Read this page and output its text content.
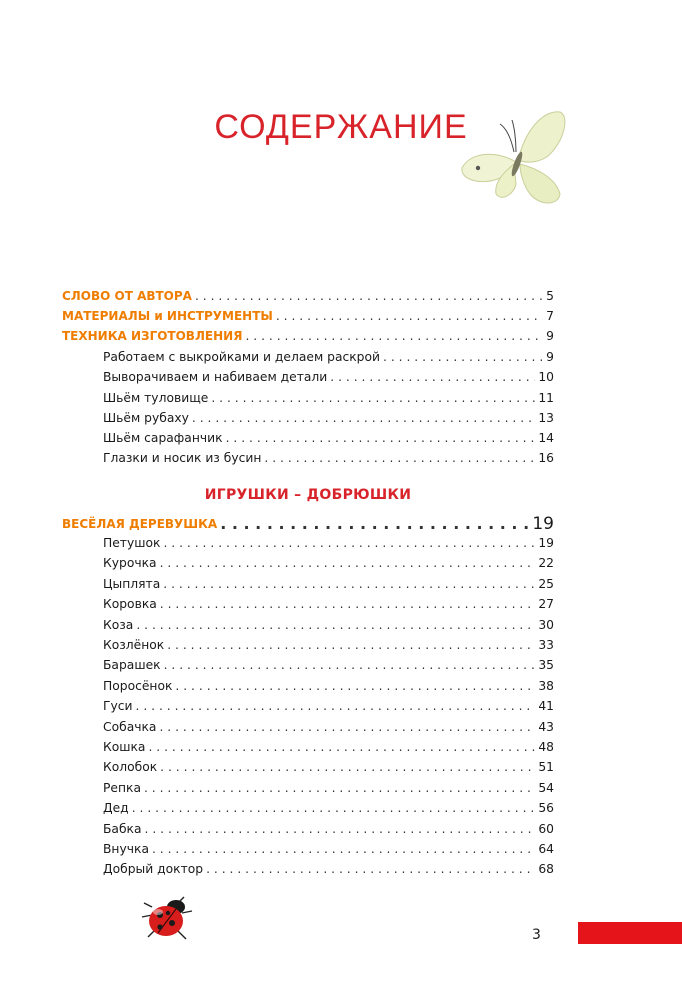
СОДЕРЖАНИЕ
СЛОВО ОТ АВТОРА . . .	5
МАТЕРИАЛЫ и ИНСТРУМЕНТЫ . . .	7
ТЕХНИКА ИЗГОТОВЛЕНИЯ . . .	9
Работаем с выкройками и делаем раскрой . . .	9
Выворачиваем и набиваем детали . . .	10
Шьём туловище . . .	11
Шьём рубаху . . .	13
Шьём сарафанчик . . .	14
Глазки и носик из бусин . . .	16
ИГРУШКИ – ДОБРЮШКИ
ВЕСЁЛАЯ ДЕРЕВУШКА . . .	19
Петушок . . .	19
Курочка . . .	22
Цыплята . . .	25
Коровка . . .	27
Коза . . .	30
Козлёнок . . .	33
Барашек . . .	35
Поросёнок . . .	38
Гуси . . .	41
Собачка . . .	43
Кошка . . .	48
Колобок . . .	51
Репка . . .	54
Дед . . .	56
Бабка . . .	60
Внучка . . .	64
Добрый доктор . . .	68
3
